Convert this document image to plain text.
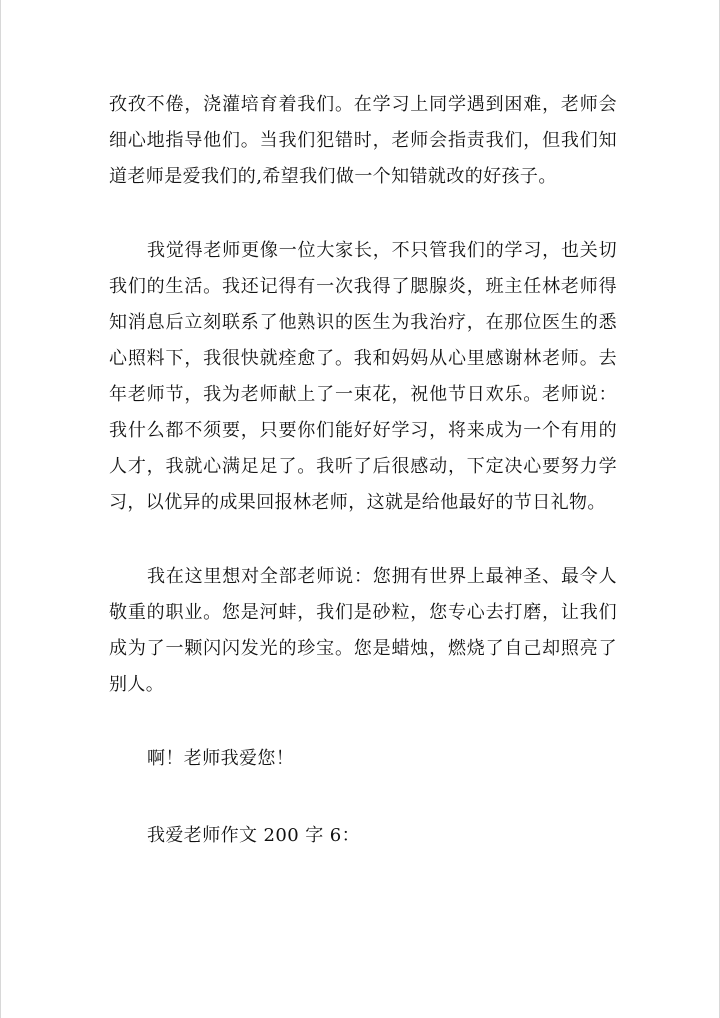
孜孜不倦，浇灌培育着我们。在学习上同学遇到困难，老师会细心地指导他们。当我们犯错时，老师会指责我们，但我们知道老师是爱我们的,希望我们做一个知错就改的好孩子。

我觉得老师更像一位大家长，不只管我们的学习，也关切我们的生活。我还记得有一次我得了腮腺炎，班主任林老师得知消息后立刻联系了他熟识的医生为我治疗，在那位医生的悉心照料下，我很快就痊愈了。我和妈妈从心里感谢林老师。去年老师节，我为老师献上了一束花，祝他节日欢乐。老师说：我什么都不须要，只要你们能好好学习，将来成为一个有用的人才，我就心满足足了。我听了后很感动，下定决心要努力学习，以优异的成果回报林老师，这就是给他最好的节日礼物。

我在这里想对全部老师说：您拥有世界上最神圣、最令人敬重的职业。您是河蚌，我们是砂粒，您专心去打磨，让我们成为了一颗闪闪发光的珍宝。您是蜡烛，燃烧了自己却照亮了别人。

啊！老师我爱您！

我爱老师作文 200 字 6：
